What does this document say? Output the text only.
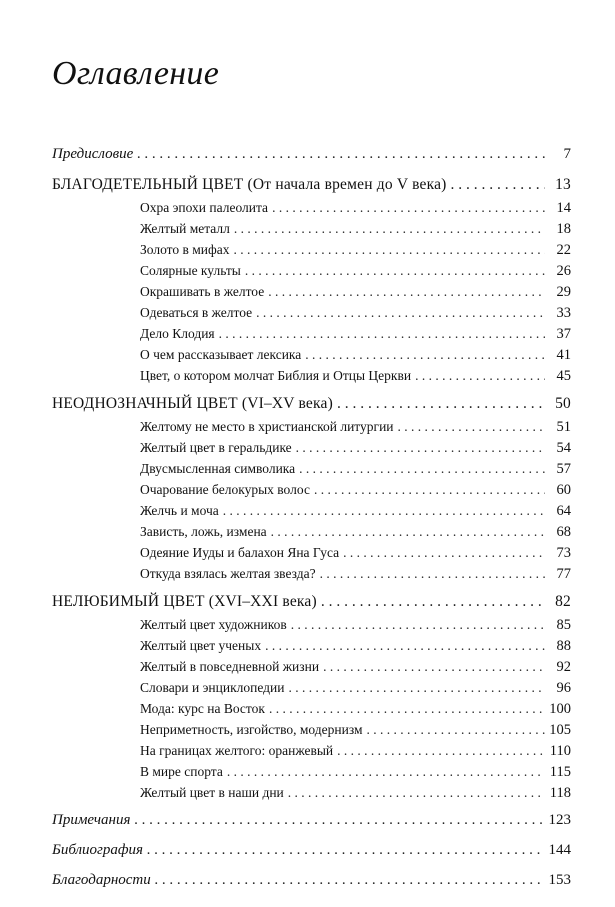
Оглавление
Предисловие . . .	7
БЛАГОДЕТЕЛЬНЫЙ ЦВЕТ (От начала времен до V века) . . .	13
Охра эпохи палеолита . . .	14
Желтый металл . . .	18
Золото в мифах . . .	22
Солярные культы . . .	26
Окрашивать в желтое . . .	29
Одеваться в желтое . . .	33
Дело Клодия . . .	37
О чем рассказывает лексика . . .	41
Цвет, о котором молчат Библия и Отцы Церкви . . .	45
НЕОДНОЗНАЧНЫЙ ЦВЕТ (VI–XV века) . . .	50
Желтому не место в христианской литургии . . .	51
Желтый цвет в геральдике . . .	54
Двусмысленная символика . . .	57
Очарование белокурых волос . . .	60
Желчь и моча . . .	64
Зависть, ложь, измена . . .	68
Одеяние Иуды и балахон Яна Гуса . . .	73
Откуда взялась желтая звезда? . . .	77
НЕЛЮБИМЫЙ ЦВЕТ (XVI–XXI века) . . .	82
Желтый цвет художников . . .	85
Желтый цвет ученых . . .	88
Желтый в повседневной жизни . . .	92
Словари и энциклопедии . . .	96
Мода: курс на Восток . . .	100
Неприметность, изгойство, модернизм . . .	105
На границах желтого: оранжевый . . .	110
В мире спорта . . .	115
Желтый цвет в наши дни . . .	118
Примечания . . .	123
Библиография . . .	144
Благодарности . . .	153
